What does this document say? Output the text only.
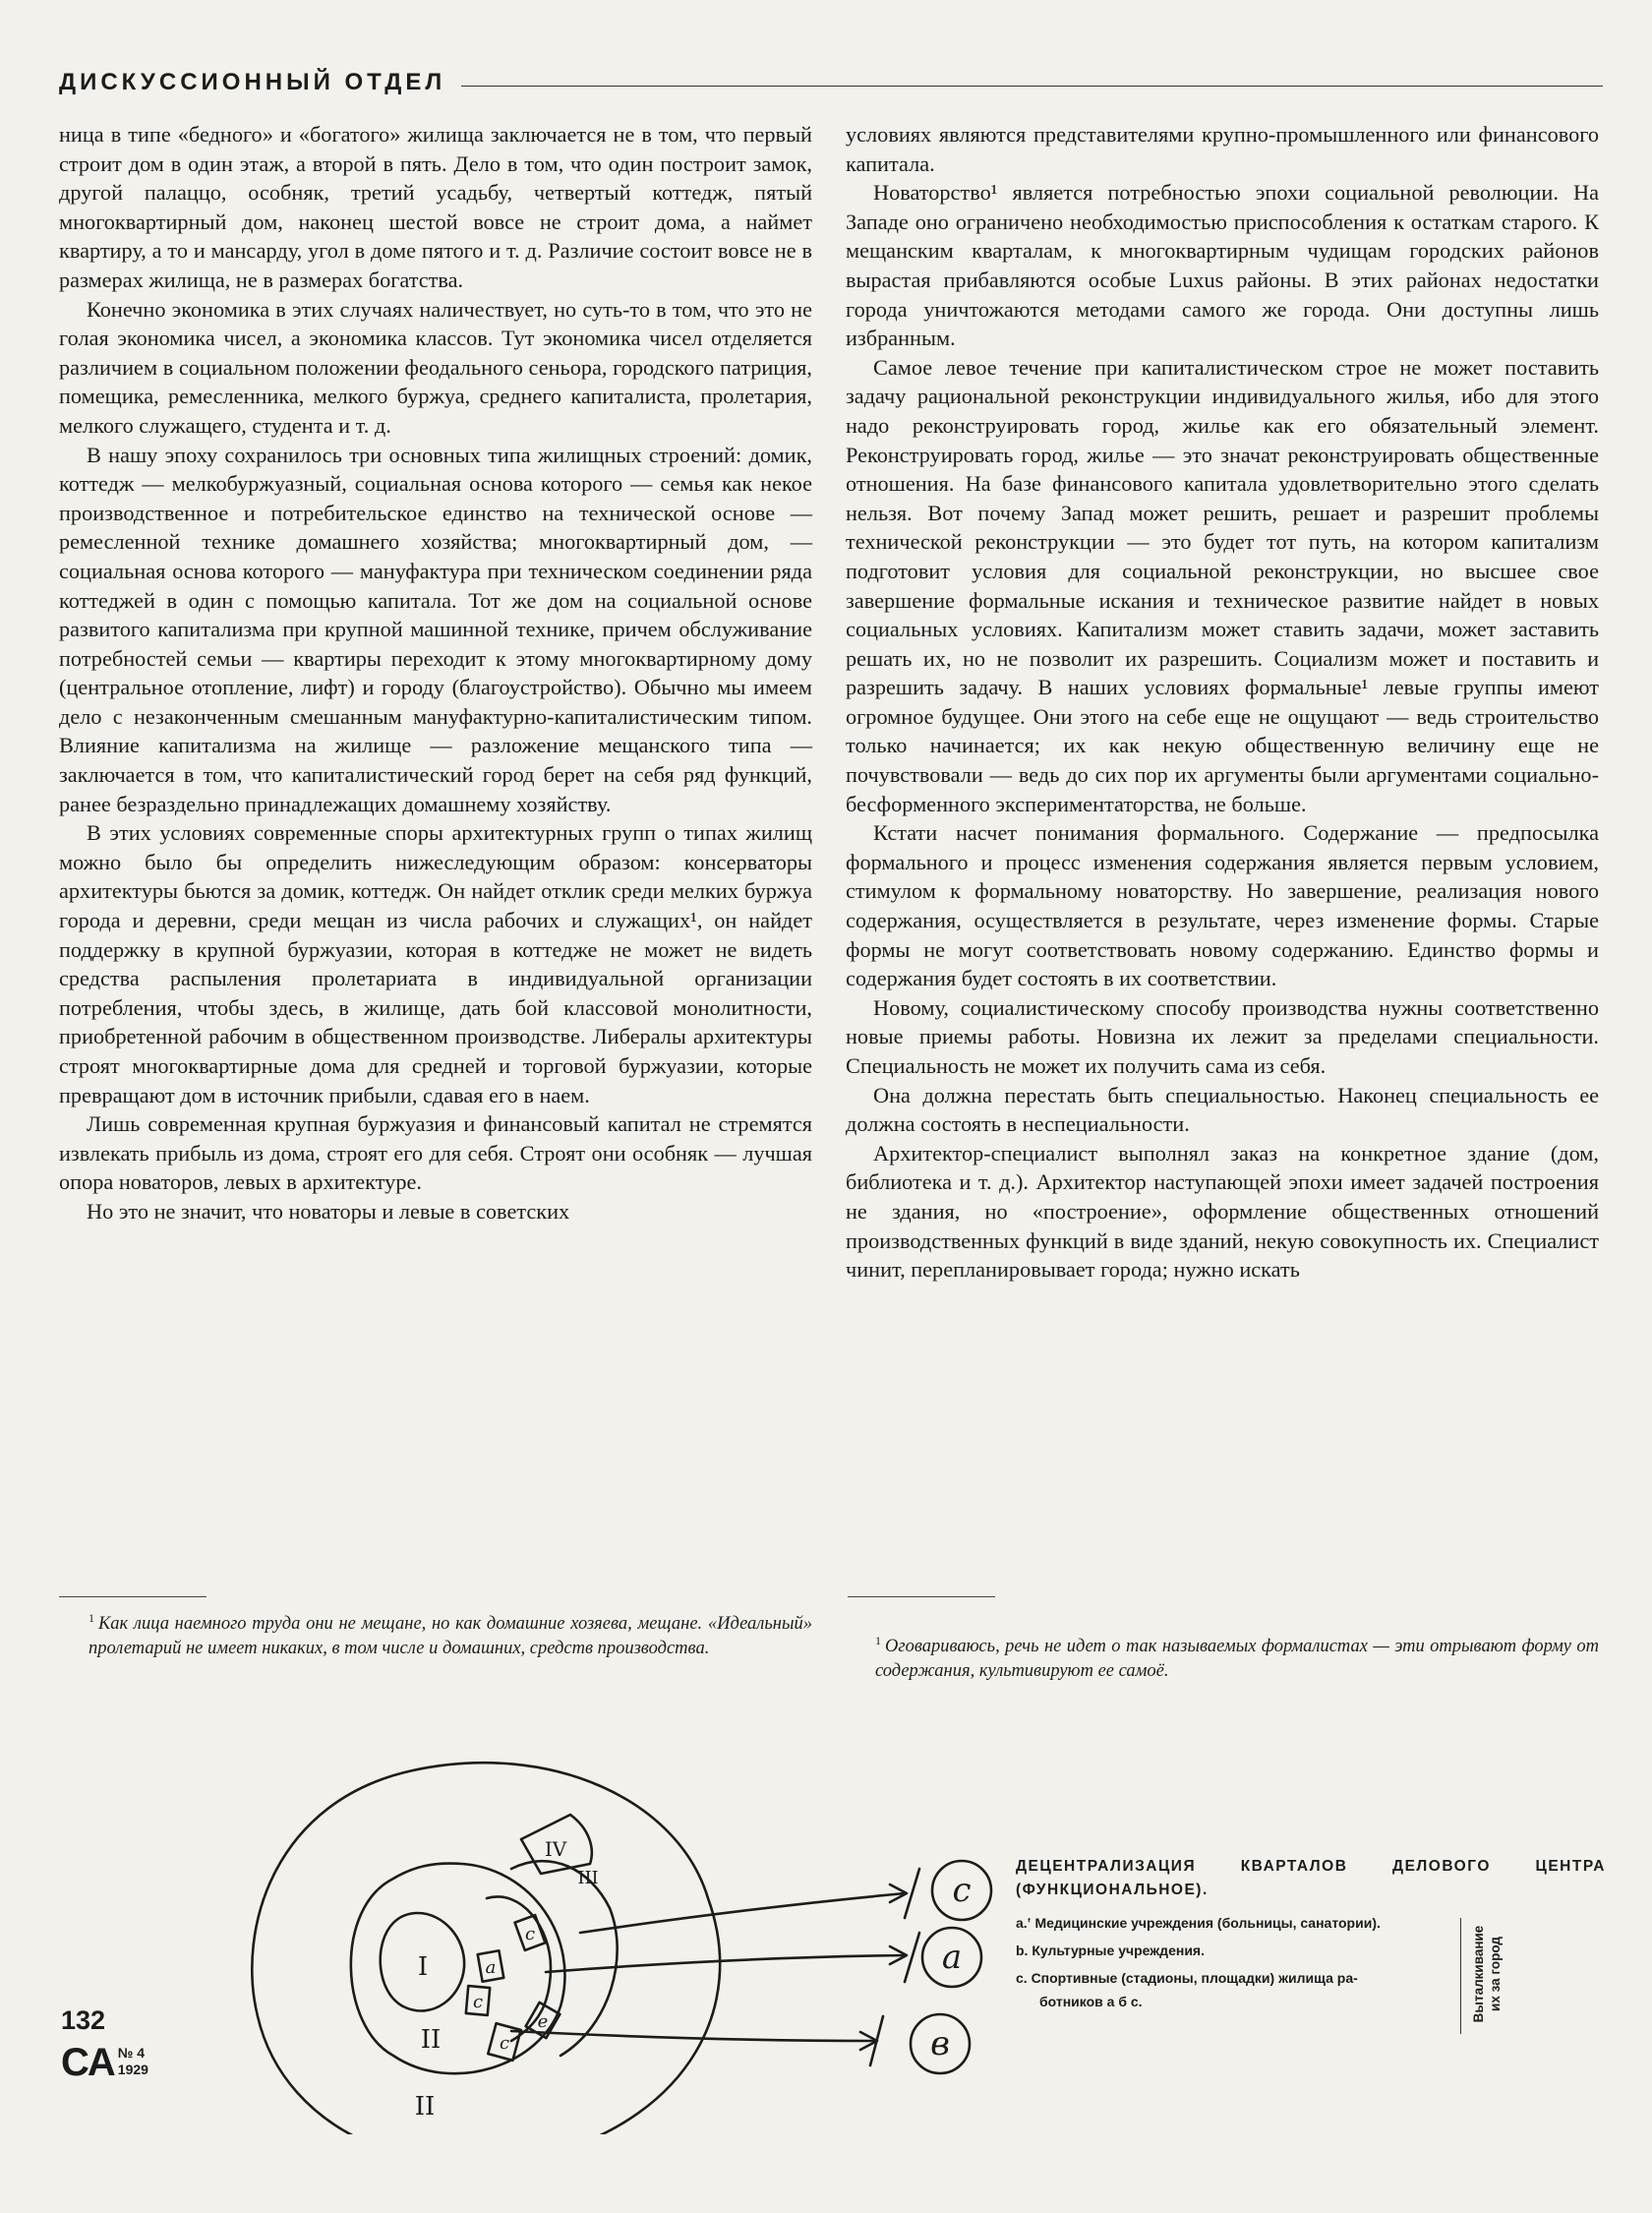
ДИСКУССИОННЫЙ ОТДЕЛ

ница в типе «бедного» и «богатого» жилища заключается не в том, что первый строит дом в один этаж, а второй в пять. Дело в том, что один построит замок, другой палаццо, особняк, третий усадьбу, четвертый коттедж, пятый многоквартирный дом, наконец шестой вовсе не строит дома, а наймет квартиру, а то и мансарду, угол в доме пятого и т. д. Различие состоит вовсе не в размерах жилища, не в размерах богатства.

Конечно экономика в этих случаях наличествует, но суть-то в том, что это не голая экономика чисел, а экономика классов. Тут экономика чисел отделяется различием в социальном положении феодального сеньора, городского патриция, помещика, ремесленника, мелкого буржуа, среднего капиталиста, пролетария, мелкого служащего, студента и т. д.

В нашу эпоху сохранилось три основных типа жилищных строений: домик, коттедж — мелкобуржуазный, социальная основа которого — семья как некое производственное и потребительское единство на технической основе — ремесленной технике домашнего хозяйства; многоквартирный дом, — социальная основа которого — мануфактура при техническом соединении ряда коттеджей в один с помощью капитала. Тот же дом на социальной основе развитого капитализма при крупной машинной технике, причем обслуживание потребностей семьи — квартиры переходит к этому многоквартирному дому (центральное отопление, лифт) и городу (благоустройство). Обычно мы имеем дело с незаконченным смешанным мануфактурно-капиталистическим типом. Влияние капитализма на жилище — разложение мещанского типа — заключается в том, что капиталистический город берет на себя ряд функций, ранее безраздельно принадлежащих домашнему хозяйству.

В этих условиях современные споры архитектурных групп о типах жилищ можно было бы определить нижеследующим образом: консерваторы архитектуры бьются за домик, коттедж. Он найдет отклик среди мелких буржуа города и деревни, среди мещан из числа рабочих и служащих¹, он найдет поддержку в крупной буржуазии, которая в коттедже не может не видеть средства распыления пролетариата в индивидуальной организации потребления, чтобы здесь, в жилище, дать бой классовой монолитности, приобретенной рабочим в общественном производстве. Либералы архитектуры строят многоквартирные дома для средней и торговой буржуазии, которые превращают дом в источник прибыли, сдавая его в наем.

Лишь современная крупная буржуазия и финансовый капитал не стремятся извлекать прибыль из дома, строят его для себя. Строят они особняк — лучшая опора новаторов, левых в архитектуре.

Но это не значит, что новаторы и левые в советских

условиях являются представителями крупно-промышленного или финансового капитала.

Новаторство¹ является потребностью эпохи социальной революции. На Западе оно ограничено необходимостью приспособления к остаткам старого. К мещанским кварталам, к многоквартирным чудищам городских районов вырастая прибавляются особые Luxus районы. В этих районах недостатки города уничтожаются методами самого же города. Они доступны лишь избранным.

Самое левое течение при капиталистическом строе не может поставить задачу рациональной реконструкции индивидуального жилья, ибо для этого надо реконструировать город, жилье как его обязательный элемент. Реконструировать город, жилье — это значат реконструировать общественные отношения. На базе финансового капитала удовлетворительно этого сделать нельзя. Вот почему Запад может решить, решает и разрешит проблемы технической реконструкции — это будет тот путь, на котором капитализм подготовит условия для социальной реконструкции, но высшее свое завершение формальные искания и техническое развитие найдет в новых социальных условиях. Капитализм может ставить задачи, может заставить решать их, но не позволит их разрешить. Социализм может и поставить и разрешить задачу. В наших условиях формальные¹ левые группы имеют огромное будущее. Они этого на себе еще не ощущают — ведь строительство только начинается; их как некую общественную величину еще не почувствовали — ведь до сих пор их аргументы были аргументами социально-бесформенного экспериментаторства, не больше.

Кстати насчет понимания формального. Содержание — предпосылка формального и процесс изменения содержания является первым условием, стимулом к формальному новаторству. Но завершение, реализация нового содержания, осуществляется в результате, через изменение формы. Старые формы не могут соответствовать новому содержанию. Единство формы и содержания будет состоять в их соответствии.

Новому, социалистическому способу производства нужны соответственно новые приемы работы. Новизна их лежит за пределами специальности. Специальность не может их получить сама из себя.

Она должна перестать быть специальностью. Наконец специальность ее должна состоять в неспециальности.

Архитектор-специалист выполнял заказ на конкретное здание (дом, библиотека и т. д.). Архитектор наступающей эпохи имеет задачей построения не здания, но «построение», оформление общественных отношений производственных функций в виде зданий, некую совокупность их. Специалист чинит, перепланировывает города; нужно искать

$^1$ Как лица наемного труда они не мещане, но как домашние хозяева, мещане. «Идеальный» пролетарий не имеет никаких, в том числе и домашних, средств производства.	$^1$ Оговариваюсь, речь не идет о так называемых формалистах — эти отрывают форму от содержания, культивируют ее самоё.
I
II
II
IV
III
c
a
c
c
e
c
a
в
ДЕЦЕНТРАЛИЗАЦИЯ КВАРТАЛОВ ДЕЛОВОГО ЦЕНТРА (ФУНКЦИОНАЛЬНОЕ).
a.ʽ Медицинские учреждения (больницы, санатории).
b. Культурные учреждения.
c. Спортивные (стадионы, площадки) жилища ра-
ботников а б с.	Выталкивание их за город
132
СА № 4
1929
